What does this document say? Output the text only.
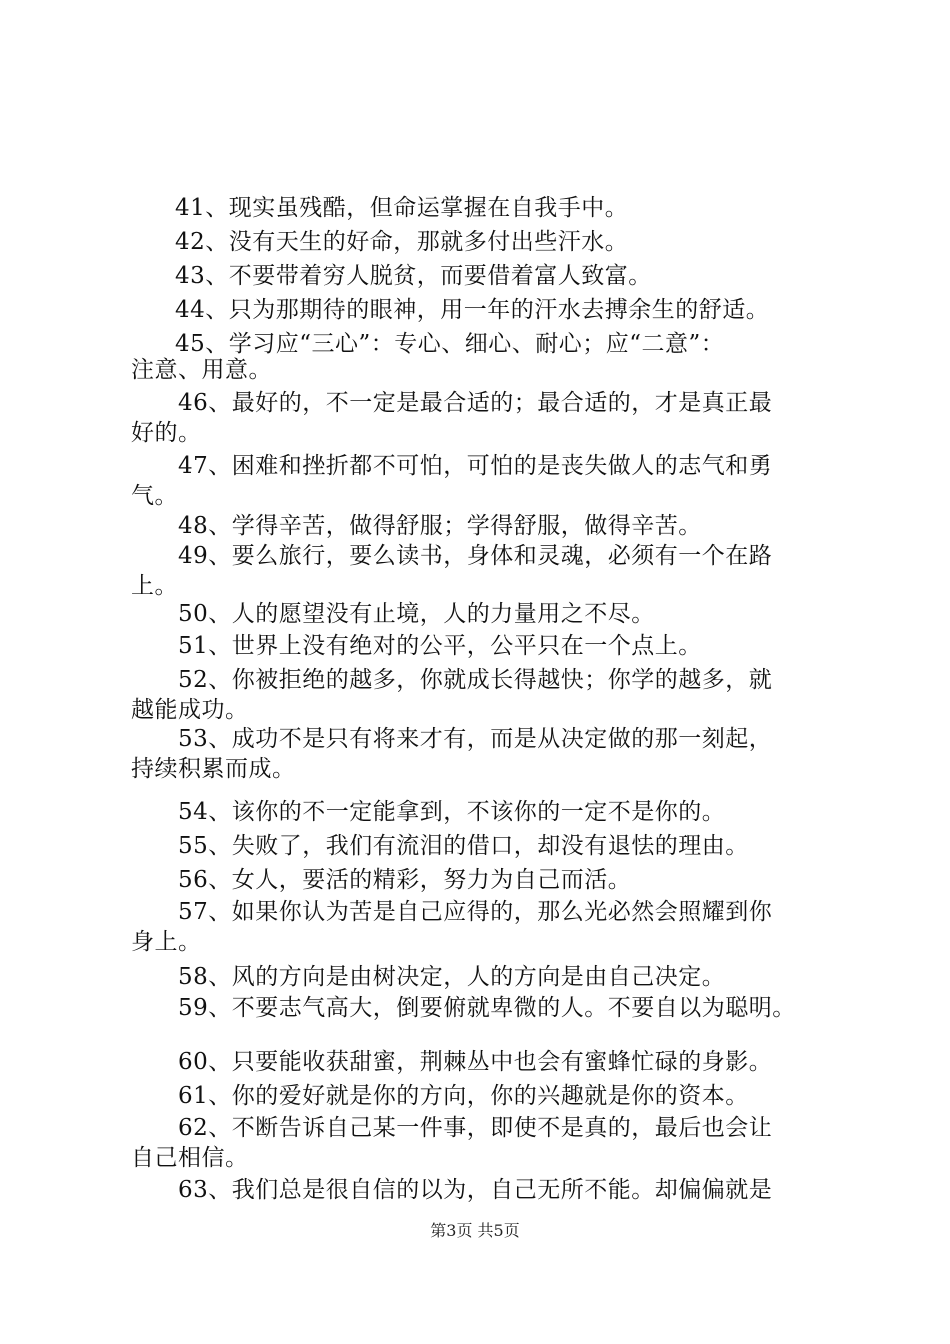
41、现实虽残酷，但命运掌握在自我手中。
42、没有天生的好命，那就多付出些汗水。
43、不要带着穷人脱贫，而要借着富人致富。
44、只为那期待的眼神，用一年的汗水去搏余生的舒适。
45、学习应“三心”：专心、细心、耐心；应“二意”：
注意、用意。
46、最好的，不一定是最合适的；最合适的，才是真正最
好的。
47、困难和挫折都不可怕，可怕的是丧失做人的志气和勇
气。
48、学得辛苦，做得舒服；学得舒服，做得辛苦。
49、要么旅行，要么读书，身体和灵魂，必须有一个在路
上。
50、人的愿望没有止境，人的力量用之不尽。
51、世界上没有绝对的公平，公平只在一个点上。
52、你被拒绝的越多，你就成长得越快；你学的越多，就
越能成功。
53、成功不是只有将来才有，而是从决定做的那一刻起，
持续积累而成。
54、该你的不一定能拿到，不该你的一定不是你的。
55、失败了，我们有流泪的借口，却没有退怯的理由。
56、女人，要活的精彩，努力为自己而活。
57、如果你认为苦是自己应得的，那么光必然会照耀到你
身上。
58、风的方向是由树决定，人的方向是由自己决定。
59、不要志气高大，倒要俯就卑微的人。不要自以为聪明。
60、只要能收获甜蜜，荆棘丛中也会有蜜蜂忙碌的身影。
61、你的爱好就是你的方向，你的兴趣就是你的资本。
62、不断告诉自己某一件事，即使不是真的，最后也会让
自己相信。
63、我们总是很自信的以为，自己无所不能。却偏偏就是
第3页 共5页
